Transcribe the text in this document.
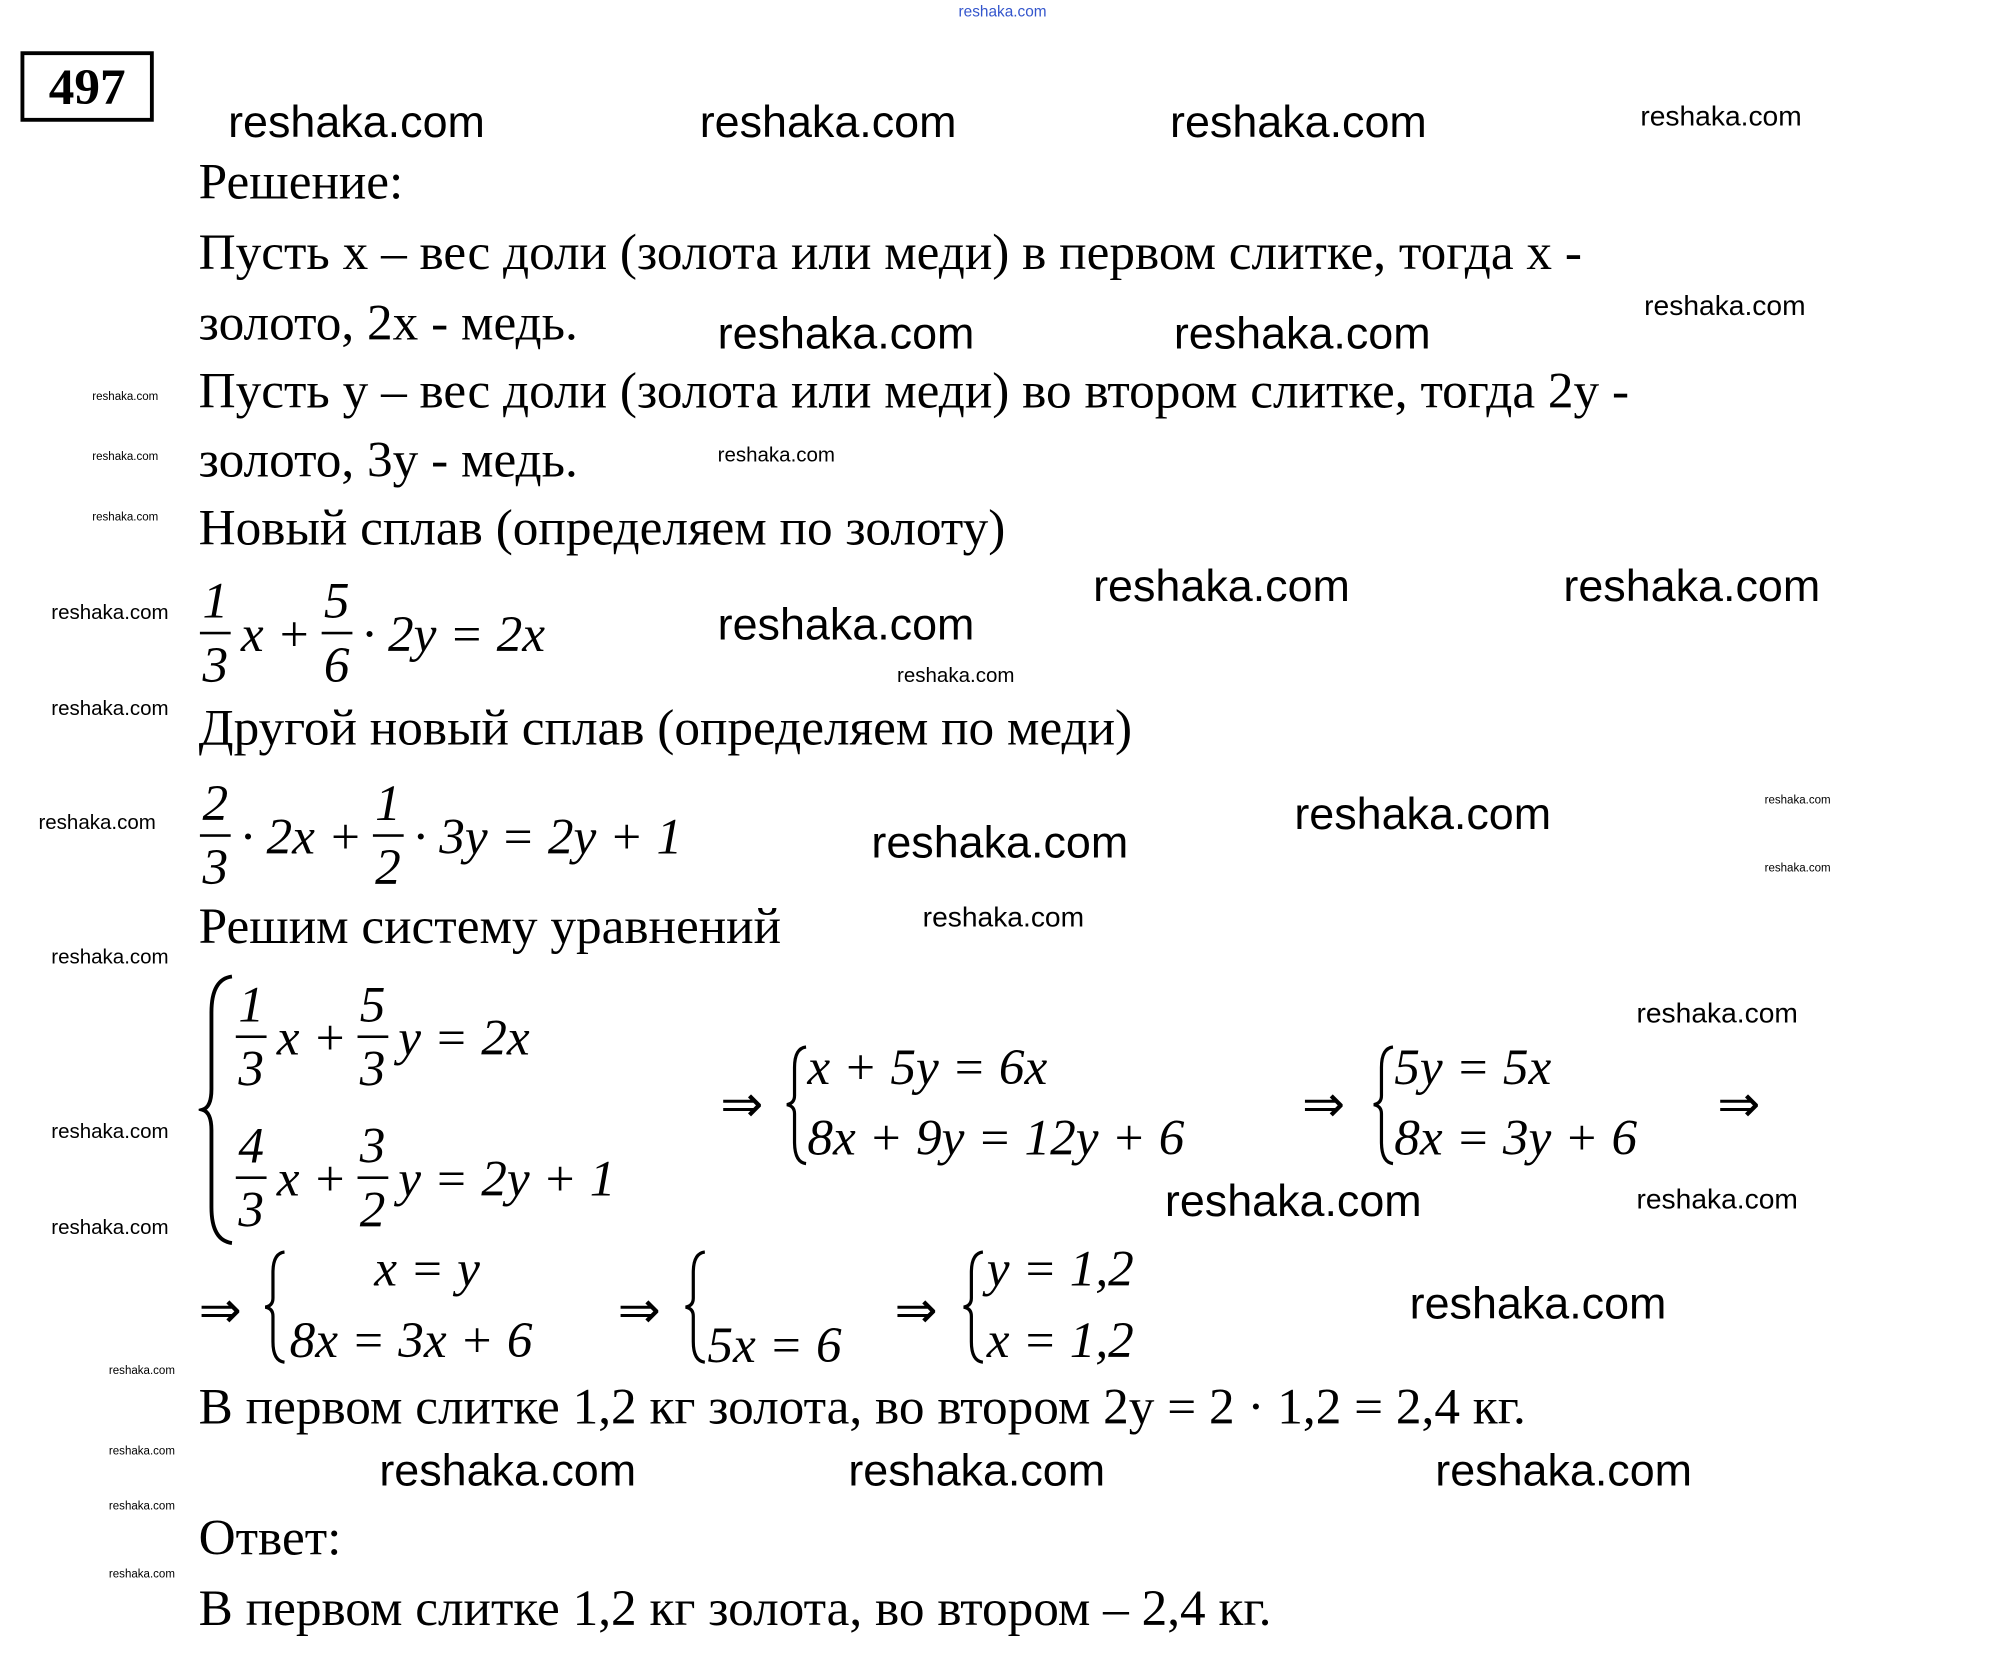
497
Решение:
Пусть x – вес доли (золота или меди) в первом слитке, тогда x -
золото, 2x - медь.
Пусть y – вес доли (золота или меди) во втором слитке, тогда 2y -
золото, 3y - медь.
Новый сплав (определяем по золоту)
$\frac{1}{3}$ $x + \frac{5}{6} \cdot 2y = 2x$
Другой новый сплав (определяем по меди)
$\frac{2}{3} \cdot 2x + \frac{1}{2} \cdot 3y = 2y + 1$
Решим систему уравнений
$\frac{1}{3}$ $x + \frac{5}{3}$ y = 2x
$\frac{4}{3}$ $x + \frac{3}{2}$ y = 2y + 1
⇒
x + 5y = 6x
8x + 9y = 12y + 6
⇒
5y = 5x
8x = 3y + 6
⇒
⇒
x = y
8x = 3x + 6
⇒
5x = 6
⇒
y = 1,2
x = 1,2
В первом слитке 1,2 кг золота, во втором 2y = 2 · 1,2 = 2,4 кг.
Ответ:
В первом слитке 1,2 кг золота, во втором – 2,4 кг.
reshaka.com
reshaka.com	reshaka.com	reshaka.com
reshaka.com
reshaka.com
reshaka.com	reshaka.com
reshaka.com
reshaka.com
reshaka.com
reshaka.com
reshaka.com	reshaka.com
reshaka.com
reshaka.com
reshaka.com
reshaka.com
reshaka.com	reshaka.com
reshaka.com	reshaka.com	reshaka.com
reshaka.com
reshaka.com
reshaka.com
reshaka.com
reshaka.com
reshaka.com	reshaka.com
reshaka.com
reshaka.com
reshaka.com	reshaka.com	reshaka.com
reshaka.com
reshaka.com
reshaka.com
